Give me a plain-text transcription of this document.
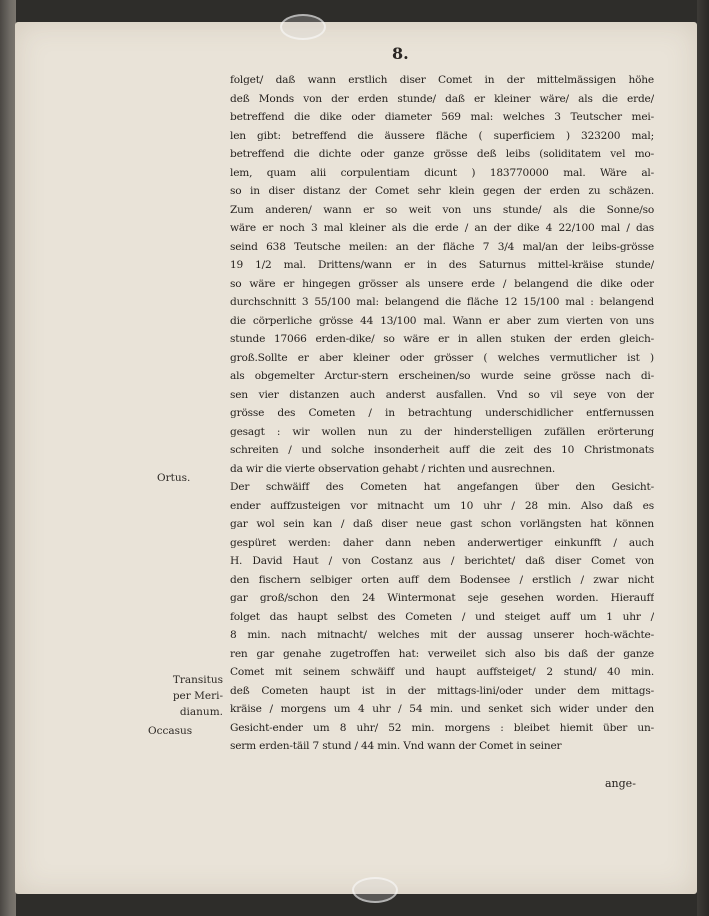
8.
folget/ daß wann erstlich diser Comet in der mittelmässigen höhe
deß Monds von der erden stunde/ daß er kleiner wäre/ als die erde/
betreffend die dike oder diameter 569 mal: welches 3 Teutscher mei-
len gibt: betreffend die äussere fläche ( superficiem ) 323200 mal;
betreffend die dichte oder ganze grösse deß leibs (soliditatem vel mo-
lem, quam alii corpulentiam dicunt ) 183770000 mal. Wäre al-
so in diser distanz der Comet sehr klein gegen der erden zu schäzen.
Zum anderen/ wann er so weit von uns stunde/ als die Sonne/so
wäre er noch 3 mal kleiner als die erde / an der dike 4 22/100 mal / das
seind 638 Teutsche meilen: an der fläche 7 3/4 mal/an der leibs-grösse
19 1/2 mal. Drittens/wann er in des Saturnus mittel-kräise stunde/
so wäre er hingegen grösser als unsere erde / belangend die dike oder
durchschnitt 3 55/100 mal: belangend die fläche 12 15/100 mal : belangend
die cörperliche grösse 44 13/100 mal. Wann er aber zum vierten von uns
stunde 17066 erden-dike/ so wäre er in allen stuken der erden gleich-
groß.Sollte er aber kleiner oder grösser ( welches vermutlicher ist )
als obgemelter Arctur-stern erscheinen/so wurde seine grösse nach di-
sen vier distanzen auch anderst ausfallen. Vnd so vil seye von der
grösse des Cometen / in betrachtung underschidlicher entfernussen
gesagt : wir wollen nun zu der hinderstelligen zufällen erörterung
schreiten / und solche insonderheit auff die zeit des 10 Christmonats
da wir die vierte observation gehabt / richten und ausrechnen.
Der schwäiff des Cometen hat angefangen über den Gesicht-
ender auffzusteigen vor mitnacht um 10 uhr / 28 min. Also daß es
gar wol sein kan / daß diser neue gast schon vorlängsten hat können
gespüret werden: daher dann neben anderwertiger einkunfft / auch
H. David Haut / von Costanz aus / berichtet/ daß diser Comet von
den fischern selbiger orten auff dem Bodensee / erstlich / zwar nicht
gar groß/schon den 24 Wintermonat seje gesehen worden. Hierauff
folget das haupt selbst des Cometen / und steiget auff um 1 uhr /
8 min. nach mitnacht/ welches mit der aussag unserer hoch-wächte-
ren gar genahe zugetroffen hat: verweilet sich also bis daß der ganze
Comet mit seinem schwäiff und haupt auffsteiget/ 2 stund/ 40 min.
deß Cometen haupt ist in der mittags-lini/oder under dem mittags-
kräise / morgens um 4 uhr / 54 min. und senket sich wider under den
Gesicht-ender um 8 uhr/ 52 min. morgens : bleibet hiemit über un-
serm erden-täil 7 stund / 44 min. Vnd wann der Comet in seiner
Ortus.
Transitus
per Meri-
dianum.
Occasus
ange-
